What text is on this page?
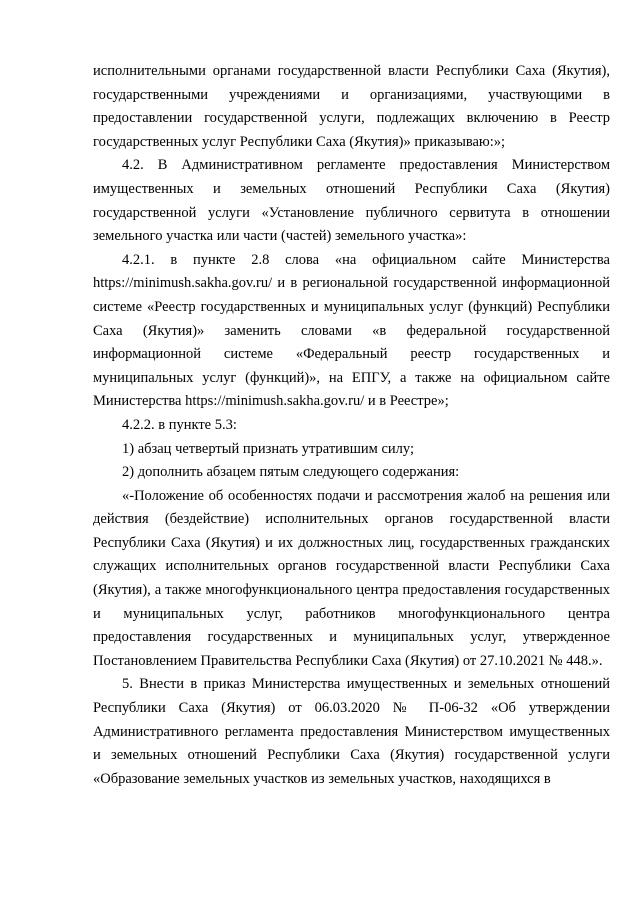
исполнительными органами государственной власти Республики Саха (Якутия), государственными учреждениями и организациями, участвующими в предоставлении государственной услуги, подлежащих включению в Реестр государственных услуг Республики Саха (Якутия)» приказываю:»;

4.2. В Административном регламенте предоставления Министерством имущественных и земельных отношений Республики Саха (Якутия) государственной услуги «Установление публичного сервитута в отношении земельного участка или части (частей) земельного участка»:

4.2.1. в пункте 2.8 слова «на официальном сайте Министерства https://minimush.sakha.gov.ru/ и в региональной государственной информационной системе «Реестр государственных и муниципальных услуг (функций) Республики Саха (Якутия)» заменить словами «в федеральной государственной информационной системе «Федеральный реестр государственных и муниципальных услуг (функций)», на ЕПГУ, а также на официальном сайте Министерства https://minimush.sakha.gov.ru/ и в Реестре»;

4.2.2. в пункте 5.3:

1) абзац четвертый признать утратившим силу;

2) дополнить абзацем пятым следующего содержания:

«-Положение об особенностях подачи и рассмотрения жалоб на решения или действия (бездействие) исполнительных органов государственной власти Республики Саха (Якутия) и их должностных лиц, государственных гражданских служащих исполнительных органов государственной власти Республики Саха (Якутия), а также многофункционального центра предоставления государственных и муниципальных услуг, работников многофункционального центра предоставления государственных и муниципальных услуг, утвержденное Постановлением Правительства Республики Саха (Якутия) от 27.10.2021 № 448.».

5. Внести в приказ Министерства имущественных и земельных отношений Республики Саха (Якутия) от 06.03.2020 № П-06-32 «Об утверждении Административного регламента предоставления Министерством имущественных и земельных отношений Республики Саха (Якутия) государственной услуги «Образование земельных участков из земельных участков, находящихся в
